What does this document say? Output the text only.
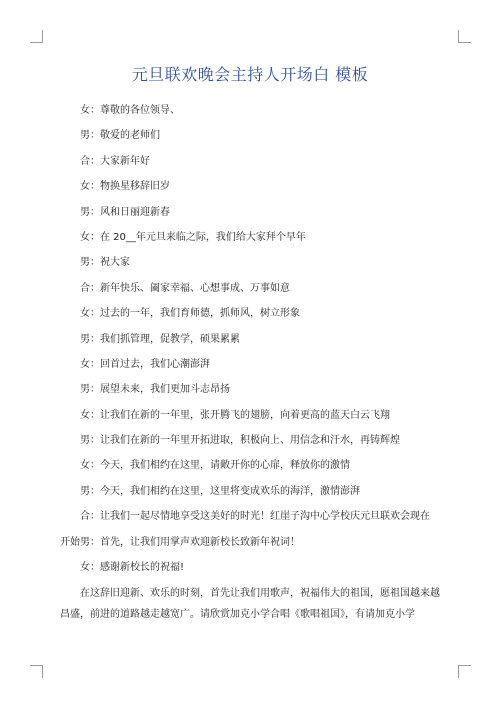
元旦联欢晚会主持人开场白 模板
女：尊敬的各位领导、
男：敬爱的老师们
合：大家新年好
女：物换星移辞旧岁
男：风和日丽迎新春
女：在 20__年元旦来临之际，我们给大家拜个早年
男：祝大家
合：新年快乐、阖家幸福、心想事成、万事如意
女：过去的一年，我们育师德，抓师风，树立形象
男：我们抓管理，促教学，硕果累累
女：回首过去，我们心潮澎湃
男：展望未来，我们更加斗志昂扬
女：让我们在新的一年里，张开腾飞的翅膀，向着更高的蓝天白云飞翔
男：让我们在新的一年里开拓进取，积极向上、用信念和汗水，再铸辉煌
女：今天，我们相约在这里，请敞开你的心扉，释放你的激情
男：今天，我们相约在这里，这里将变成欢乐的海洋，激情澎湃
合：让我们一起尽情地享受这美好的时光！红崖子沟中心学校庆元旦联欢会现在
开始男：首先，让我们用掌声欢迎新校长致新年祝词！
女：感谢新校长的祝福!
在这辞旧迎新、欢乐的时刻，首先让我们用歌声，祝福伟大的祖国，愿祖国越来越昌盛，前进的道路越走越宽广。请欣赏加克小学合唱《歌唱祖国》，有请加克小学
